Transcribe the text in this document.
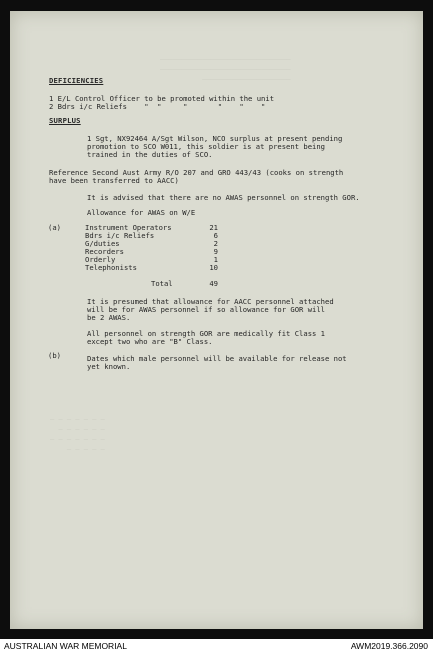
_______________________________
_______________________________
_____________________
_ _ _ _ _ _ _
_ _ _ _ _ _
_ _ _ _ _ _ _
_ _ _ _ _
DEFICIENCIES
1 E/L Control Officer to be promoted within the unit
2 Bdrs i/c Reliefs    "  "     "       "    "    "
SURPLUS
1 Sgt, NX92464 A/Sgt Wilson, NCO surplus at present pending
promotion to SCO W011, this soldier is at present being
trained in the duties of SCO.
Reference Second Aust Army R/O 207 and GRO 443/43 (cooks on strength
have been transferred to AACC)
It is advised that there are no AWAS personnel on strength GOR.
Allowance for AWAS on W/E
(a)	Instrument Operators	21
Bdrs i/c Reliefs	6
G/duties	2
Recorders	9
Orderly	1
Telephonists	10
Total	49
It is presumed that allowance for AACC personnel attached
will be for AWAS personnel if so allowance for GOR will
be 2 AWAS.
All personnel on strength GOR are medically fit Class 1
except two who are "B" Class.
(b)	Dates which male personnel will be available for release not
yet known.
AUSTRALIAN WAR MEMORIAL	AWM2019.366.2090
